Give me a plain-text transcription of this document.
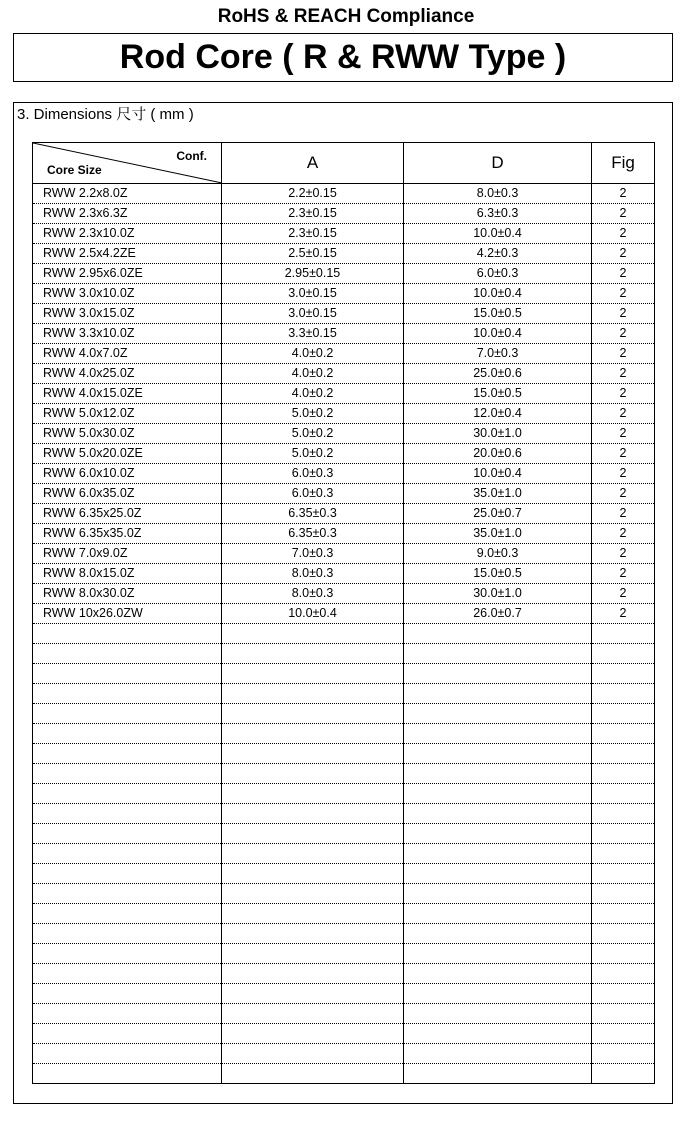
RoHS & REACH Compliance
Rod Core ( R & RWW Type )
3. Dimensions 尺寸 ( mm )
Conf.
Core Size	A	D	Fig
RWW 2.2x8.0Z	2.2±0.15	8.0±0.3	2
RWW 2.3x6.3Z	2.3±0.15	6.3±0.3	2
RWW 2.3x10.0Z	2.3±0.15	10.0±0.4	2
RWW 2.5x4.2ZE	2.5±0.15	4.2±0.3	2
RWW 2.95x6.0ZE	2.95±0.15	6.0±0.3	2
RWW 3.0x10.0Z	3.0±0.15	10.0±0.4	2
RWW 3.0x15.0Z	3.0±0.15	15.0±0.5	2
RWW 3.3x10.0Z	3.3±0.15	10.0±0.4	2
RWW 4.0x7.0Z	4.0±0.2	7.0±0.3	2
RWW 4.0x25.0Z	4.0±0.2	25.0±0.6	2
RWW 4.0x15.0ZE	4.0±0.2	15.0±0.5	2
RWW 5.0x12.0Z	5.0±0.2	12.0±0.4	2
RWW 5.0x30.0Z	5.0±0.2	30.0±1.0	2
RWW 5.0x20.0ZE	5.0±0.2	20.0±0.6	2
RWW 6.0x10.0Z	6.0±0.3	10.0±0.4	2
RWW 6.0x35.0Z	6.0±0.3	35.0±1.0	2
RWW 6.35x25.0Z	6.35±0.3	25.0±0.7	2
RWW 6.35x35.0Z	6.35±0.3	35.0±1.0	2
RWW 7.0x9.0Z	7.0±0.3	9.0±0.3	2
RWW 8.0x15.0Z	8.0±0.3	15.0±0.5	2
RWW 8.0x30.0Z	8.0±0.3	30.0±1.0	2
RWW 10x26.0ZW	10.0±0.4	26.0±0.7	2
